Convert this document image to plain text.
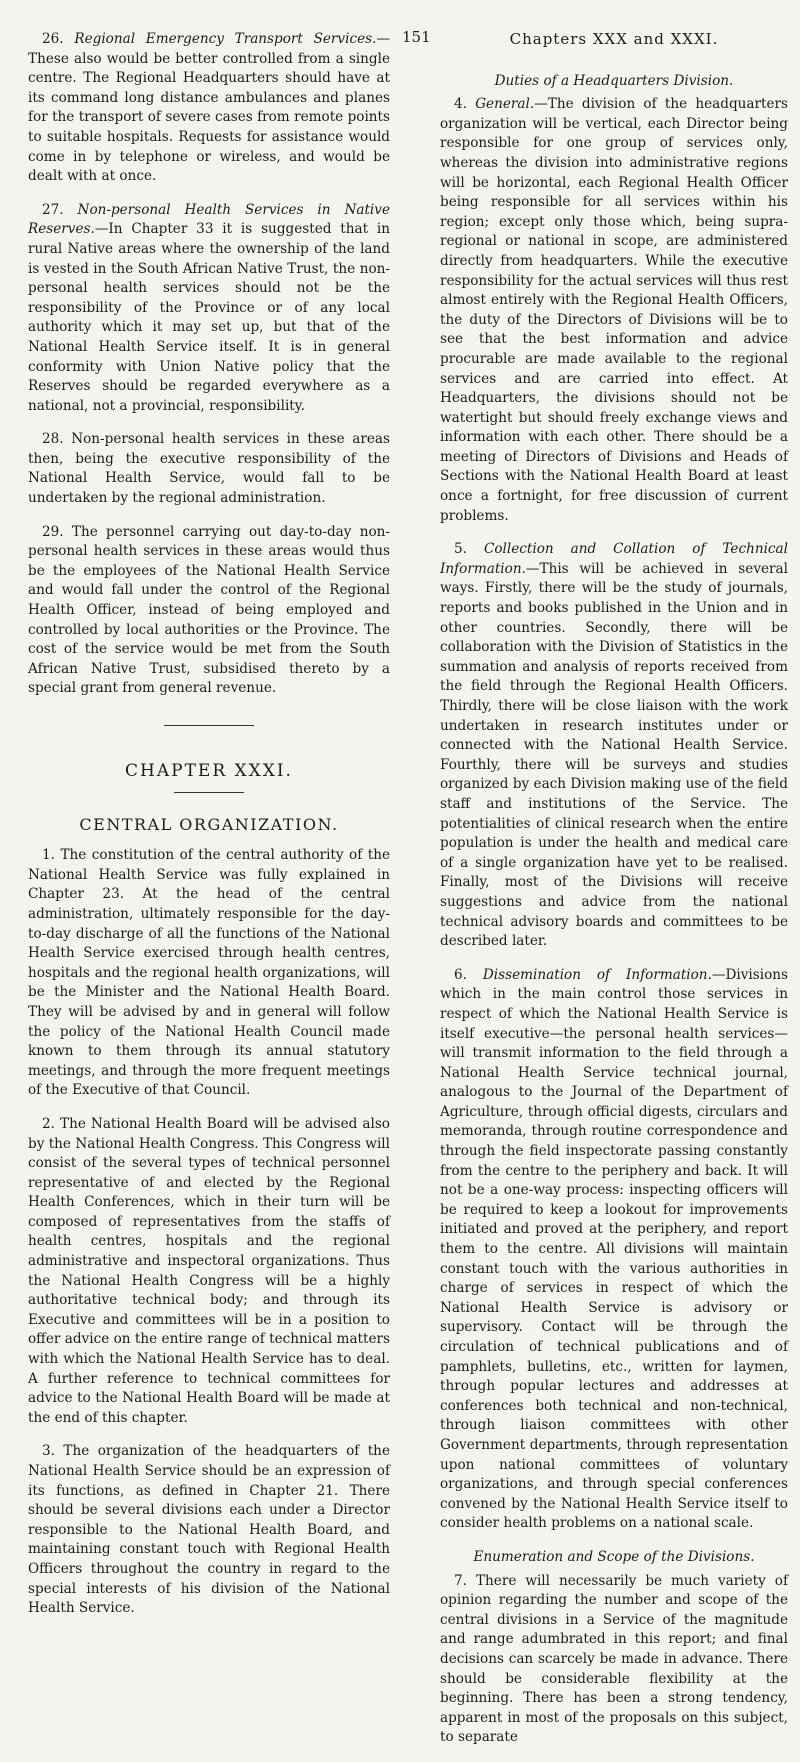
26. Regional Emergency Transport Services.—These also would be better controlled from a single centre. The Regional Headquarters should have at its command long distance ambulances and planes for the transport of severe cases from remote points to suitable hospitals. Requests for assistance would come in by telephone or wireless, and would be dealt with at once.

27. Non-personal Health Services in Native Reserves.—In Chapter 33 it is suggested that in rural Native areas where the ownership of the land is vested in the South African Native Trust, the non-personal health services should not be the responsibility of the Province or of any local authority which it may set up, but that of the National Health Service itself. It is in general conformity with Union Native policy that the Reserves should be regarded everywhere as a national, not a provincial, responsibility.

28. Non-personal health services in these areas then, being the executive responsibility of the National Health Service, would fall to be undertaken by the regional administration.

29. The personnel carrying out day-to-day non-personal health services in these areas would thus be the employees of the National Health Service and would fall under the control of the Regional Health Officer, instead of being employed and controlled by local authorities or the Province. The cost of the service would be met from the South African Native Trust, subsidised thereto by a special grant from general revenue.

CHAPTER XXXI.
CENTRAL ORGANIZATION.

1. The constitution of the central authority of the National Health Service was fully explained in Chapter 23. At the head of the central administration, ultimately responsible for the day-to-day discharge of all the functions of the National Health Service exercised through health centres, hospitals and the regional health organizations, will be the Minister and the National Health Board. They will be advised by and in general will follow the policy of the National Health Council made known to them through its annual statutory meetings, and through the more frequent meetings of the Executive of that Council.

2. The National Health Board will be advised also by the National Health Congress. This Congress will consist of the several types of technical personnel representative of and elected by the Regional Health Conferences, which in their turn will be composed of representatives from the staffs of health centres, hospitals and the regional administrative and inspectoral organizations. Thus the National Health Congress will be a highly authoritative technical body; and through its Executive and committees will be in a position to offer advice on the entire range of technical matters with which the National Health Service has to deal. A further reference to technical committees for advice to the National Health Board will be made at the end of this chapter.

3. The organization of the headquarters of the National Health Service should be an expression of its functions, as defined in Chapter 21. There should be several divisions each under a Director responsible to the National Health Board, and maintaining constant touch with Regional Health Officers throughout the country in regard to the special interests of his division of the National Health Service.

151	Chapters XXX and XXXI.

Duties of a Headquarters Division.

4. General.—The division of the headquarters organization will be vertical, each Director being responsible for one group of services only, whereas the division into administrative regions will be horizontal, each Regional Health Officer being responsible for all services within his region; except only those which, being supra-regional or national in scope, are administered directly from headquarters. While the executive responsibility for the actual services will thus rest almost entirely with the Regional Health Officers, the duty of the Directors of Divisions will be to see that the best information and advice procurable are made available to the regional services and are carried into effect. At Headquarters, the divisions should not be watertight but should freely exchange views and information with each other. There should be a meeting of Directors of Divisions and Heads of Sections with the National Health Board at least once a fortnight, for free discussion of current problems.

5. Collection and Collation of Technical Information.—This will be achieved in several ways. Firstly, there will be the study of journals, reports and books published in the Union and in other countries. Secondly, there will be collaboration with the Division of Statistics in the summation and analysis of reports received from the field through the Regional Health Officers. Thirdly, there will be close liaison with the work undertaken in research institutes under or connected with the National Health Service. Fourthly, there will be surveys and studies organized by each Division making use of the field staff and institutions of the Service. The potentialities of clinical research when the entire population is under the health and medical care of a single organization have yet to be realised. Finally, most of the Divisions will receive suggestions and advice from the national technical advisory boards and committees to be described later.

6. Dissemination of Information.—Divisions which in the main control those services in respect of which the National Health Service is itself executive—the personal health services—will transmit information to the field through a National Health Service technical journal, analogous to the Journal of the Department of Agriculture, through official digests, circulars and memoranda, through routine correspondence and through the field inspectorate passing constantly from the centre to the periphery and back. It will not be a one-way process: inspecting officers will be required to keep a lookout for improvements initiated and proved at the periphery, and report them to the centre. All divisions will maintain constant touch with the various authorities in charge of services in respect of which the National Health Service is advisory or supervisory. Contact will be through the circulation of technical publications and of pamphlets, bulletins, etc., written for laymen, through popular lectures and addresses at conferences both technical and non-technical, through liaison committees with other Government departments, through representation upon national committees of voluntary organizations, and through special conferences convened by the National Health Service itself to consider health problems on a national scale.

Enumeration and Scope of the Divisions.

7. There will necessarily be much variety of opinion regarding the number and scope of the central divisions in a Service of the magnitude and range adumbrated in this report; and final decisions can scarcely be made in advance. There should be considerable flexibility at the beginning. There has been a strong tendency, apparent in most of the proposals on this subject, to separate
